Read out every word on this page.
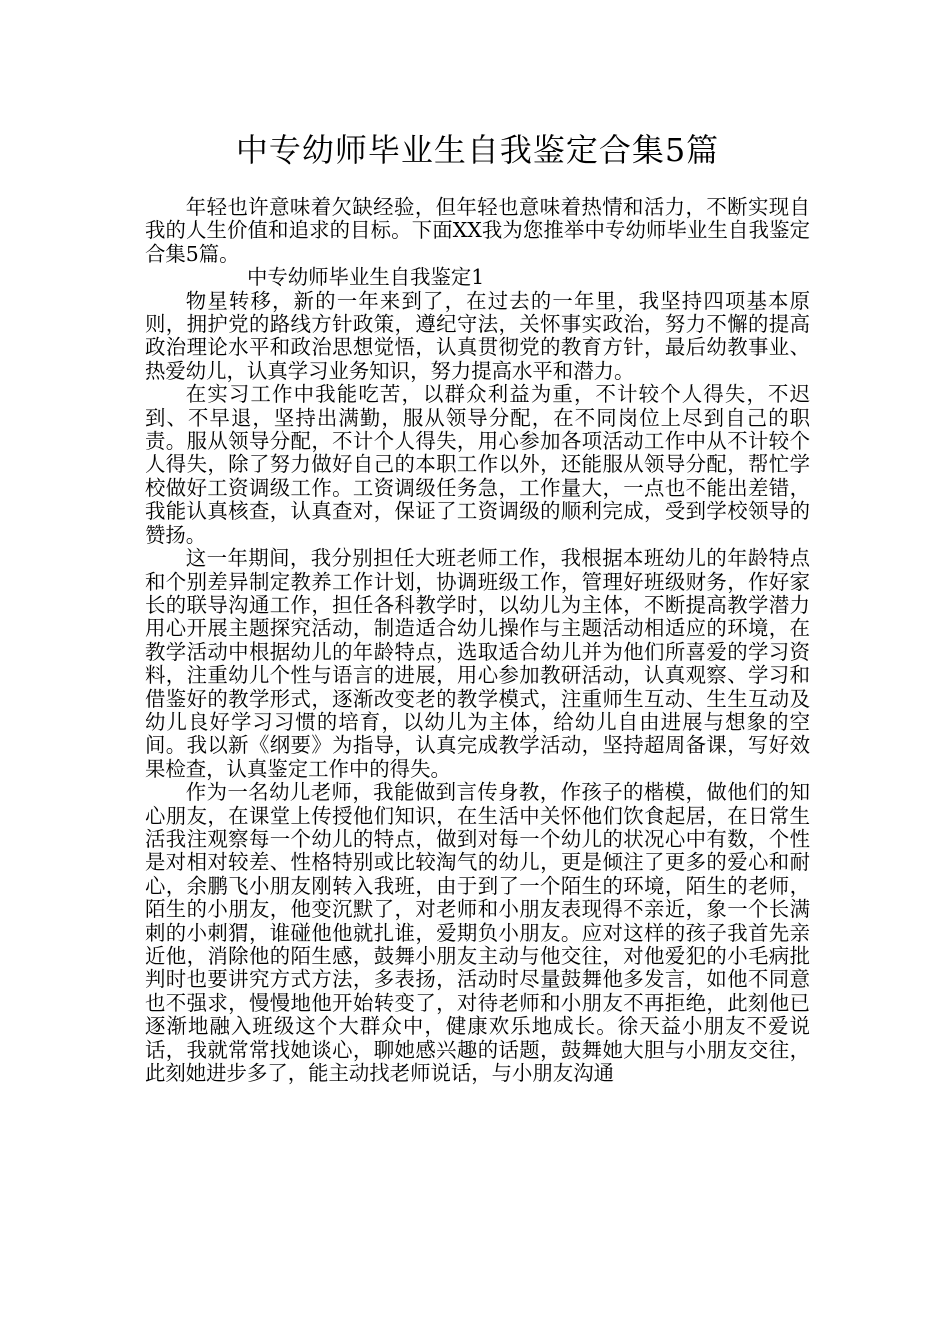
中专幼师毕业生自我鉴定合集5篇

年轻也许意味着欠缺经验，但年轻也意味着热情和活力，不断实现自我的人生价值和追求的目标。下面XX我为您推举中专幼师毕业生自我鉴定合集5篇。

中专幼师毕业生自我鉴定1

物星转移，新的一年来到了，在过去的一年里，我坚持四项基本原则，拥护党的路线方针政策，遵纪守法，关怀事实政治，努力不懈的提高政治理论水平和政治思想觉悟，认真贯彻党的教育方针，最后幼教事业、热爱幼儿，认真学习业务知识，努力提高水平和潜力。

在实习工作中我能吃苦，以群众利益为重，不计较个人得失，不迟到、不早退，坚持出满勤，服从领导分配，在不同岗位上尽到自己的职责。服从领导分配，不计个人得失，用心参加各项活动工作中从不计较个人得失，除了努力做好自己的本职工作以外，还能服从领导分配，帮忙学校做好工资调级工作。工资调级任务急，工作量大，一点也不能出差错，我能认真核查，认真查对，保证了工资调级的顺利完成，受到学校领导的赞扬。

这一年期间，我分别担任大班老师工作，我根据本班幼儿的年龄特点和个别差异制定教养工作计划，协调班级工作，管理好班级财务，作好家长的联导沟通工作，担任各科教学时，以幼儿为主体，不断提高教学潜力用心开展主题探究活动，制造适合幼儿操作与主题活动相适应的环境，在教学活动中根据幼儿的年龄特点，选取适合幼儿并为他们所喜爱的学习资料，注重幼儿个性与语言的进展，用心参加教研活动，认真观察、学习和借鉴好的教学形式，逐渐改变老的教学模式，注重师生互动、生生互动及幼儿良好学习习惯的培育，以幼儿为主体，给幼儿自由进展与想象的空间。我以新《纲要》为指导，认真完成教学活动，坚持超周备课，写好效果检查，认真鉴定工作中的得失。

作为一名幼儿老师，我能做到言传身教，作孩子的楷模，做他们的知心朋友，在课堂上传授他们知识，在生活中关怀他们饮食起居，在日常生活我注观察每一个幼儿的特点，做到对每一个幼儿的状况心中有数，个性是对相对较差、性格特别或比较淘气的幼儿，更是倾注了更多的爱心和耐心，余鹏飞小朋友刚转入我班，由于到了一个陌生的环境，陌生的老师，陌生的小朋友，他变沉默了，对老师和小朋友表现得不亲近，象一个长满刺的小刺猬，谁碰他他就扎谁，爱期负小朋友。应对这样的孩子我首先亲近他，消除他的陌生感，鼓舞小朋友主动与他交往，对他爱犯的小毛病批判时也要讲究方式方法，多表扬，活动时尽量鼓舞他多发言，如他不同意也不强求，慢慢地他开始转变了，对待老师和小朋友不再拒绝，此刻他已逐渐地融入班级这个大群众中，健康欢乐地成长。徐天益小朋友不爱说话，我就常常找她谈心，聊她感兴趣的话题，鼓舞她大胆与小朋友交往，此刻她进步多了，能主动找老师说话，与小朋友沟通
